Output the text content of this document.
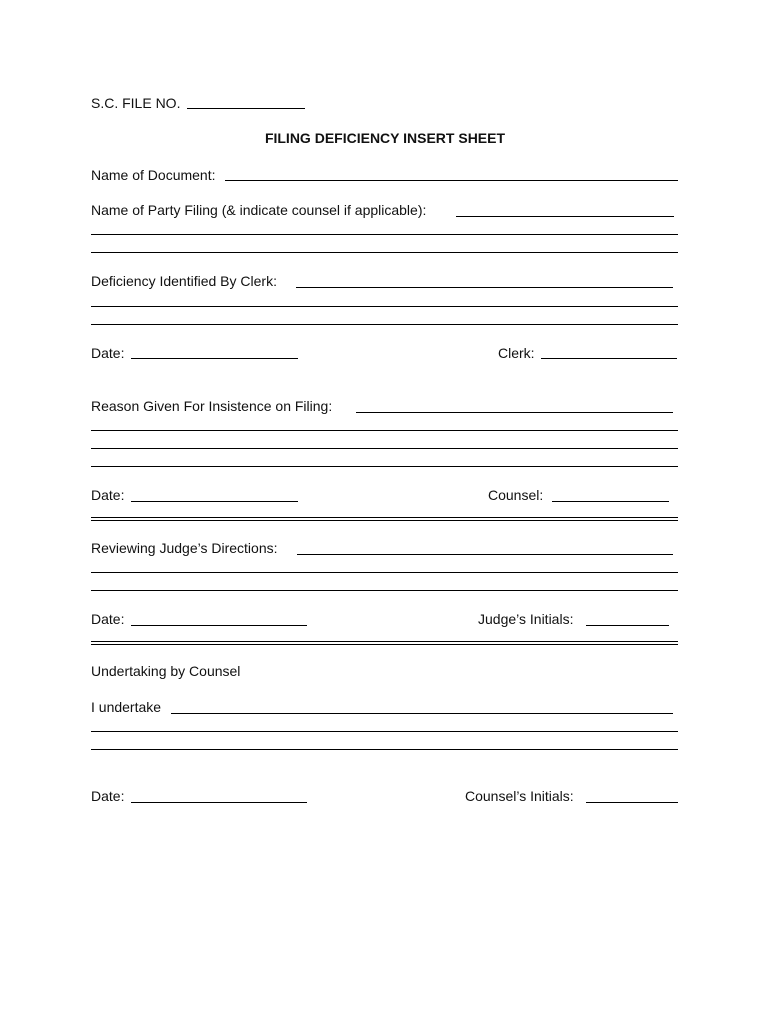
S.C. FILE NO.
FILING DEFICIENCY INSERT SHEET
Name of Document:
Name of Party Filing (& indicate counsel if applicable):
Deficiency Identified By Clerk:
Date:	Clerk:
Reason Given For Insistence on Filing:
Date:	Counsel:
Reviewing Judge’s Directions:
Date:	Judge’s Initials:
Undertaking by Counsel
I undertake
Date:	Counsel’s Initials:
